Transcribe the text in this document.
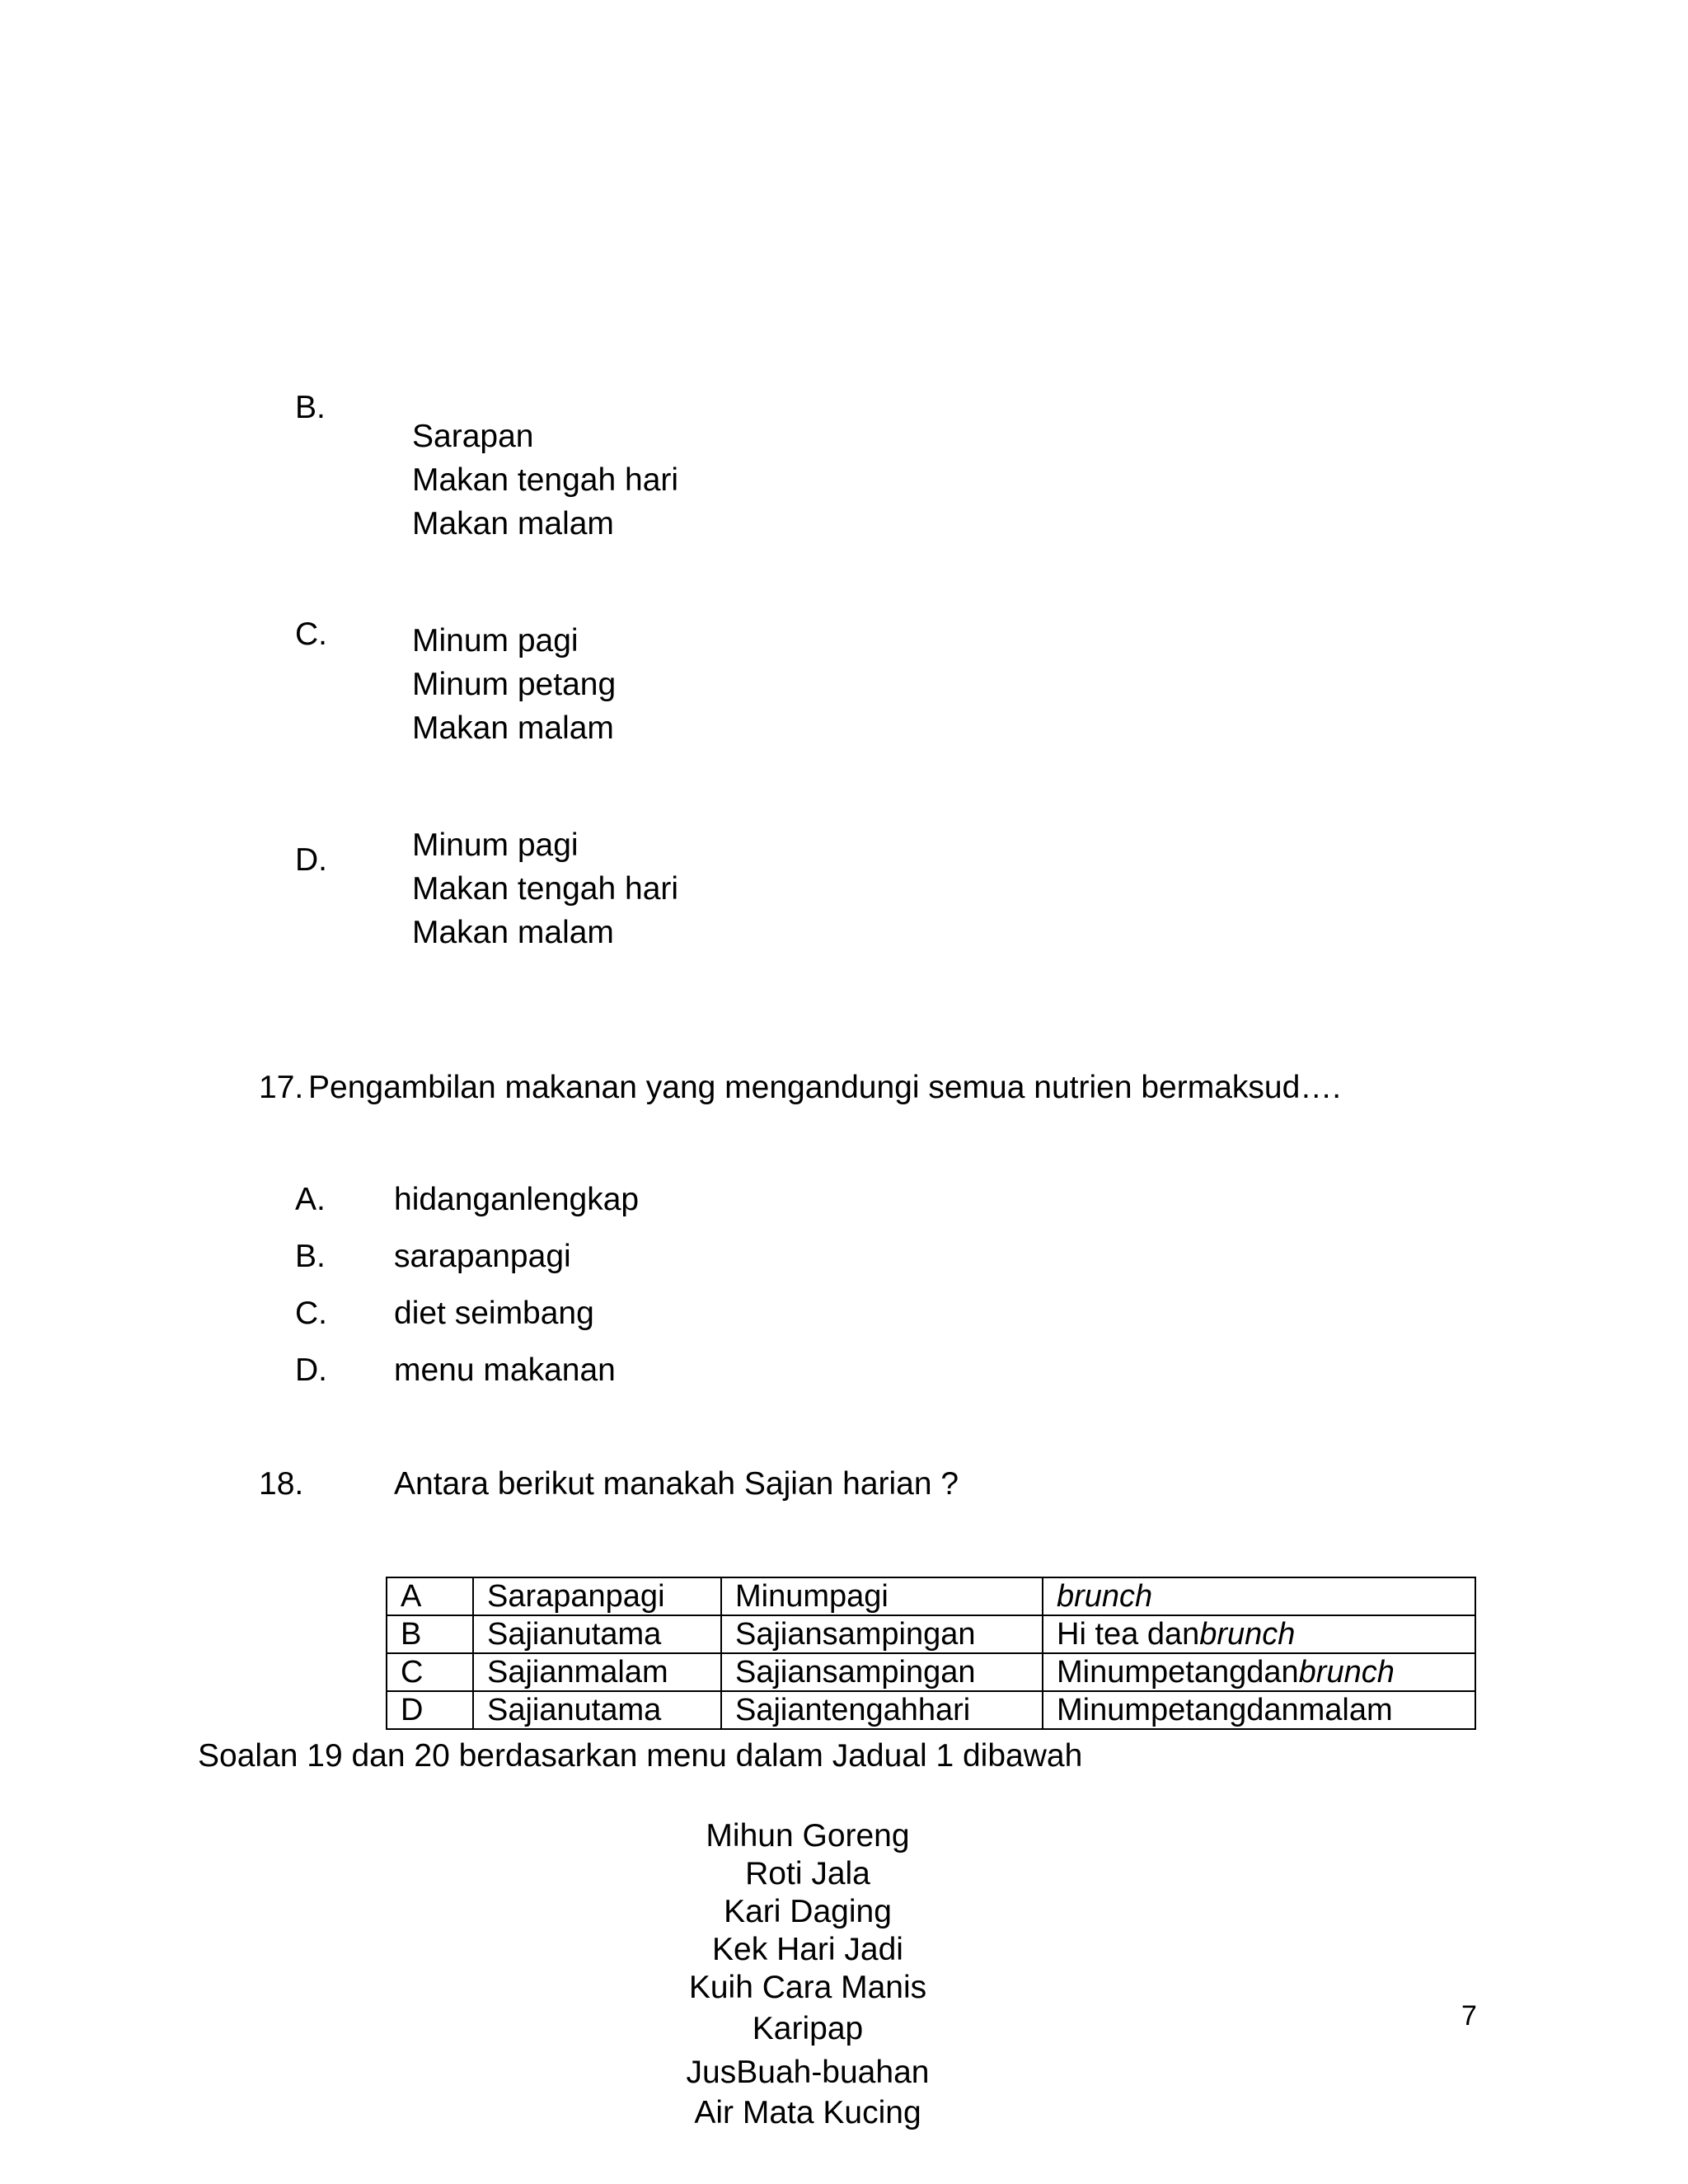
B.
Sarapan
Makan tengah hari
Makan malam
C.	Minum pagi
Minum petang
Makan malam
D.	Minum pagi
Makan tengah hari
Makan malam
17. Pengambilan makanan yang mengandungi semua nutrien bermaksud….
A. hidanganlengkap
B. sarapanpagi
C. diet seimbang
D. menu makanan
18.	Antara berikut manakah Sajian harian ?
A	Sarapanpagi	Minumpagi	brunch
B	Sajianutama	Sajiansampingan	Hi tea danbrunch
C	Sajianmalam	Sajiansampingan	Minumpetangdanbrunch
D	Sajianutama	Sajiantengahhari	Minumpetangdanmalam
Soalan 19 dan 20 berdasarkan menu dalam Jadual 1 dibawah
Mihun Goreng
Roti Jala
Kari Daging
Kek Hari Jadi
Kuih Cara Manis
Karipap
JusBuah-buahan
Air Mata Kucing
7
